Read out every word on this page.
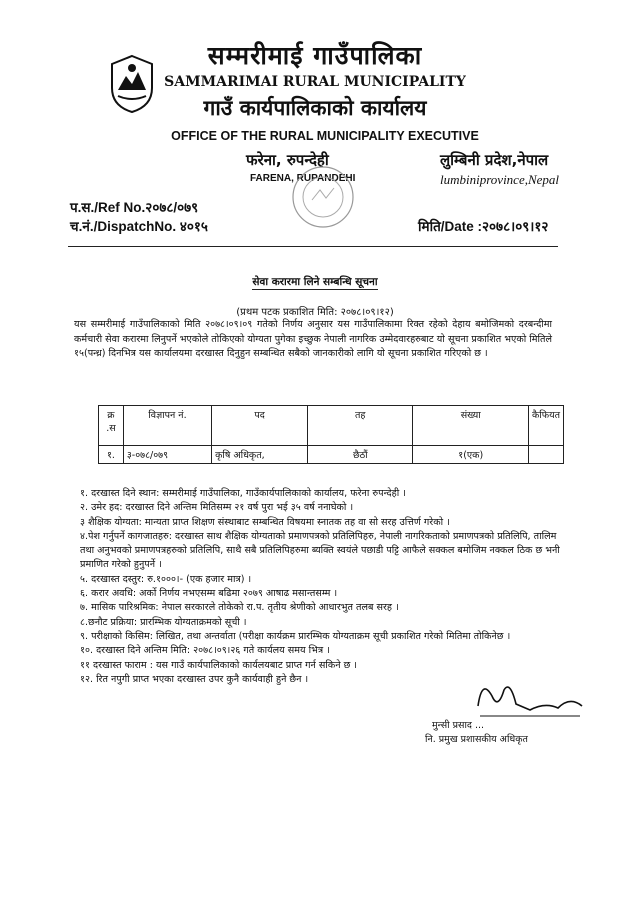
सम्मरीमाई गाउँपालिका
SAMMARIMAI RURAL MUNICIPALITY
गाउँ कार्यपालिकाको कार्यालय
OFFICE OF THE RURAL MUNICIPALITY EXECUTIVE
फरेना, रुपन्देही
FARENA, RUPANDEHI
लुम्बिनी प्रदेश,नेपाल
lumbiniprovince,Nepal
प.स./Ref No.२०७८/०७९
च.नं./DispatchNo. ४०१५	मिति/Date :२०७८।०९।१२
सेवा करारमा लिने सम्बन्धि सूचना
(प्रथम पटक प्रकाशित मिति: २०७८।०९।१२)
यस सम्मरीमाई गाउँपालिकाको मिति २०७८।०९।०९ गतेको निर्णय अनुसार यस गाउँपालिकामा रिक्त रहेको देहाय बमोजिमको दरबन्दीमा कर्मचारी सेवा करारमा लिनुपर्ने भएकोले तोकिएको योग्यता पुगेका इच्छुक नेपाली नागरिक उम्मेदवारहरुबाट यो सूचना प्रकाशित भएको मितिले १५(पन्ध्र) दिनभित्र यस कार्यालयमा दरखास्त दिनुहुन सम्बन्धित सबैको जानकारीको लागि यो सूचना प्रकाशित गरिएको छ ।
क्र .स	विज्ञापन नं.	पद	तह	संख्या	कैफियत
१.	३-०७८/०७९	कृषि अधिकृत,	छैठौं	१(एक)	
१. दरखास्त दिने स्थान: सम्मरीमाई गाउँपालिका, गाउँकार्यपालिकाको कार्यालय, फरेना रुपन्देही ।
२. उमेर हद: दरखास्त दिने अन्तिम मितिसम्म २१ वर्ष पुरा भई ३५ वर्ष ननाघेको ।
३ शैक्षिक योग्यता: मान्यता प्राप्त शिक्षण संस्थाबाट सम्बन्धित विषयमा स्नातक तह वा सो सरह उत्तिर्ण गरेको ।
४.पेश गर्नुपर्ने कागजातहरु: दरखास्त साथ शैक्षिक योग्यताको प्रमाणपत्रको प्रतिलिपिहरु, नेपाली नागरिकताको प्रमाणपत्रको प्रतिलिपि, तालिम तथा अनुभवको प्रमाणपत्रहरुको प्रतिलिपि, साथै सबै प्रतिलिपिहरुमा ब्यक्ति स्वयंले पछाडी पट्टि आफैले सक्कल बमोजिम नक्कल ठिक छ भनी प्रमाणित गरेको हुनुपर्ने ।
५. दरखास्त दस्तुर: रु.१०००।- (एक हजार मात्र) ।
६. करार अवधि: अर्को निर्णय नभएसम्म बढिमा २०७९ आषाढ मसान्तसम्म ।
७. मासिक पारिश्रमिक: नेपाल सरकारले तोकेको रा.प. तृतीय श्रेणीको आधारभुत तलब सरह ।
८.छनौट प्रक्रिया: प्रारम्भिक योग्यताक्रमको सूची ।
९. परीक्षाको किसिम: लिखित, तथा अन्तर्वाता (परीक्षा कार्यक्रम प्रारम्भिक योग्यताक्रम सूची प्रकाशित गरेको मितिमा तोकिनेछ ।
१०. दरखास्त दिने अन्तिम मिति: २०७८।०९।२६ गते कार्यलय समय भित्र ।
११ दरखास्त फाराम : यस गाउँ कार्यपालिकाको कार्यलयबाट प्राप्त गर्न सकिने छ ।
१२. रित नपुगी प्राप्त भएका दरखास्त उपर कुनै कार्यवाही हुने छैन ।
मुन्सी प्रसाद ...
नि. प्रमुख प्रशासकीय अधिकृत
